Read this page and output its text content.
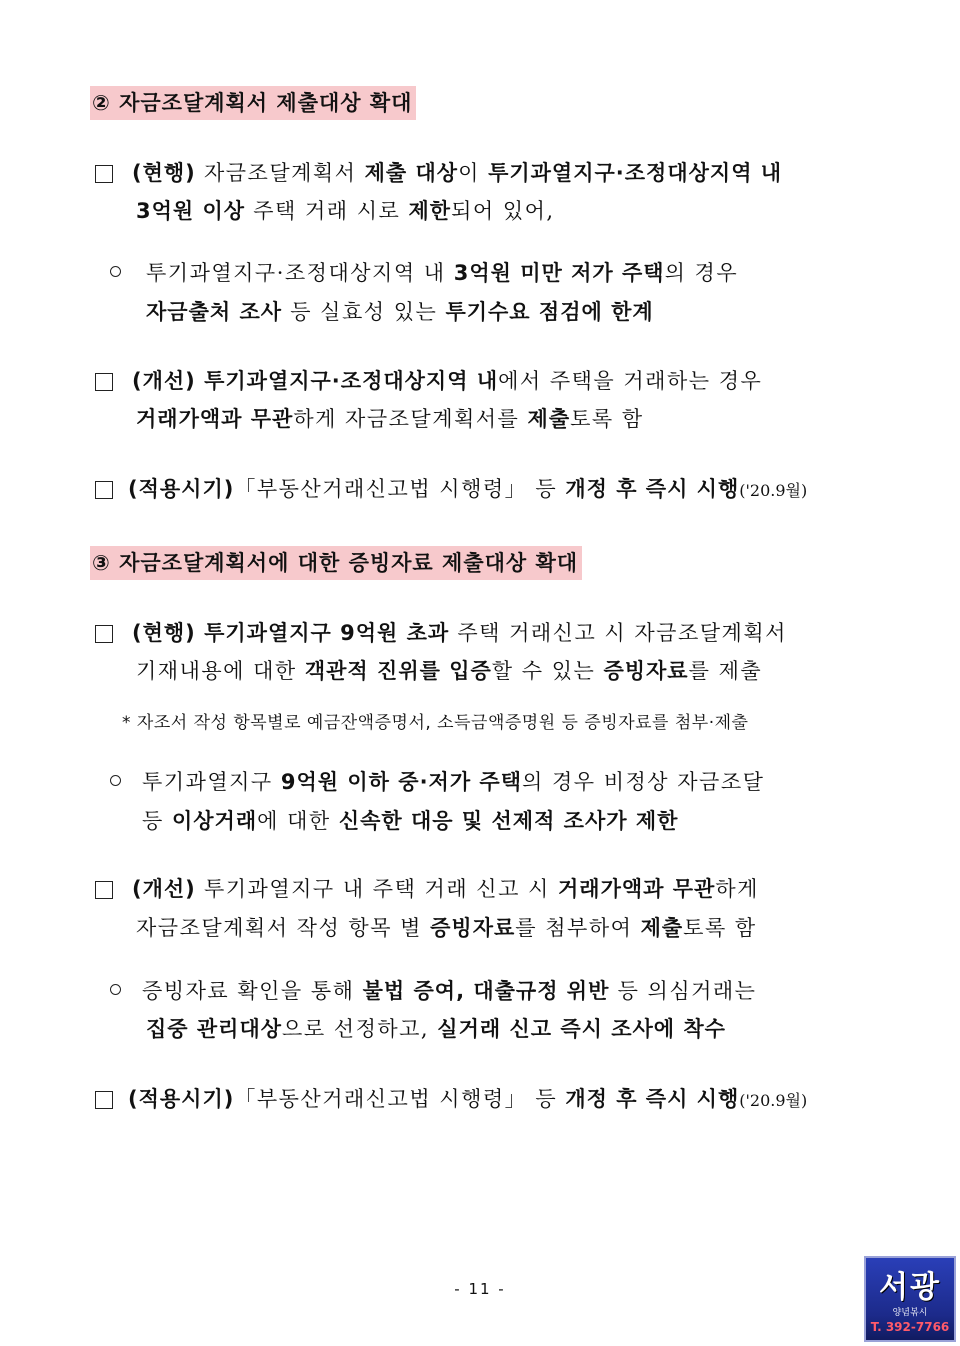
② 자금조달계획서 제출대상 확대
(현행) 자금조달계획서 제출 대상이 투기과열지구·조정대상지역 내
3억원 이상 주택 거래 시로 제한되어 있어,
투기과열지구·조정대상지역 내 3억원 미만 저가 주택의 경우
자금출처 조사 등 실효성 있는 투기수요 점검에 한계
(개선) 투기과열지구·조정대상지역 내에서 주택을 거래하는 경우
거래가액과 무관하게 자금조달계획서를 제출토록 함
(적용시기)「부동산거래신고법 시행령」 등 개정 후 즉시 시행('20.9월)
③ 자금조달계획서에 대한 증빙자료 제출대상 확대
(현행) 투기과열지구 9억원 초과 주택 거래신고 시 자금조달계획서
기재내용에 대한 객관적 진위를 입증할 수 있는 증빙자료를 제출
* 자조서 작성 항목별로 예금잔액증명서, 소득금액증명원 등 증빙자료를 첨부·제출
투기과열지구 9억원 이하 중·저가 주택의 경우 비정상 자금조달
등 이상거래에 대한 신속한 대응 및 선제적 조사가 제한
(개선) 투기과열지구 내 주택 거래 신고 시 거래가액과 무관하게
자금조달계획서 작성 항목 별 증빙자료를 첨부하여 제출토록 함
증빙자료 확인을 통해 불법 증여, 대출규정 위반 등 의심거래는
집중 관리대상으로 선정하고, 실거래 신고 즉시 조사에 착수
(적용시기)「부동산거래신고법 시행령」 등 개정 후 즉시 시행('20.9월)
- 11 -	서광
양념볶시
T. 392-7766
